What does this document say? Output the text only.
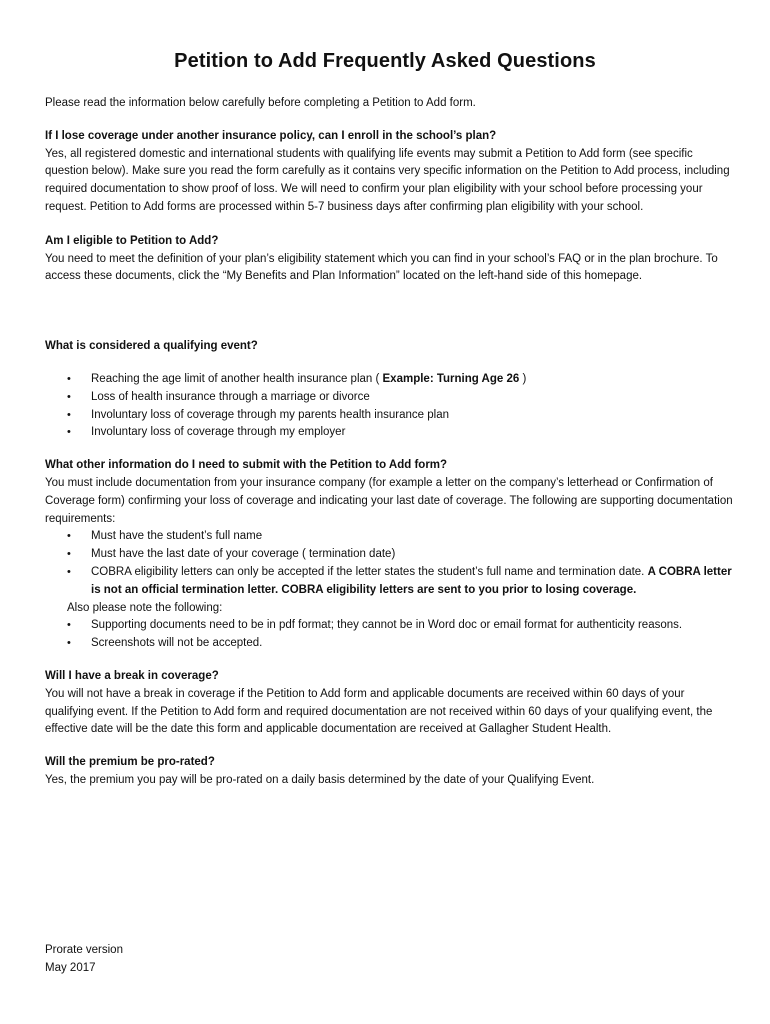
Petition to Add Frequently Asked Questions

Please read the information below carefully before completing a Petition to Add form.

If I lose coverage under another insurance policy, can I enroll in the school’s plan?

Yes, all registered domestic and international students with qualifying life events may submit a Petition to Add form (see specific question below). Make sure you read the form carefully as it contains very specific information on the Petition to Add process, including required documentation to show proof of loss. We will need to confirm your plan eligibility with your school before processing your request. Petition to Add forms are processed within 5-7 business days after confirming plan eligibility with your school.

Am I eligible to Petition to Add?

You need to meet the definition of your plan’s eligibility statement which you can find in your school’s FAQ or in the plan brochure. To access these documents, click the “My Benefits and Plan Information” located on the left-hand side of this homepage.

What is considered a qualifying event?

• Reaching the age limit of another health insurance plan ( Example: Turning Age 26 )
• Loss of health insurance through a marriage or divorce
• Involuntary loss of coverage through my parents health insurance plan
• Involuntary loss of coverage through my employer

What other information do I need to submit with the Petition to Add form?

You must include documentation from your insurance company (for example a letter on the company’s letterhead or Confirmation of Coverage form) confirming your loss of coverage and indicating your last date of coverage. The following are supporting documentation requirements:

• Must have the student’s full name
• Must have the last date of your coverage ( termination date)
• COBRA eligibility letters can only be accepted if the letter states the student’s full name and termination date. A COBRA letter is not an official termination letter. COBRA eligibility letters are sent to you prior to losing coverage.

Also please note the following:

• Supporting documents need to be in pdf format; they cannot be in Word doc or email format for authenticity reasons.
• Screenshots will not be accepted.

Will I have a break in coverage?

You will not have a break in coverage if the Petition to Add form and applicable documents are received within 60 days of your qualifying event. If the Petition to Add form and required documentation are not received within 60 days of your qualifying event, the effective date will be the date this form and applicable documentation are received at Gallagher Student Health.

Will the premium be pro-rated?

Yes, the premium you pay will be pro-rated on a daily basis determined by the date of your Qualifying Event.

Prorate version

May 2017
